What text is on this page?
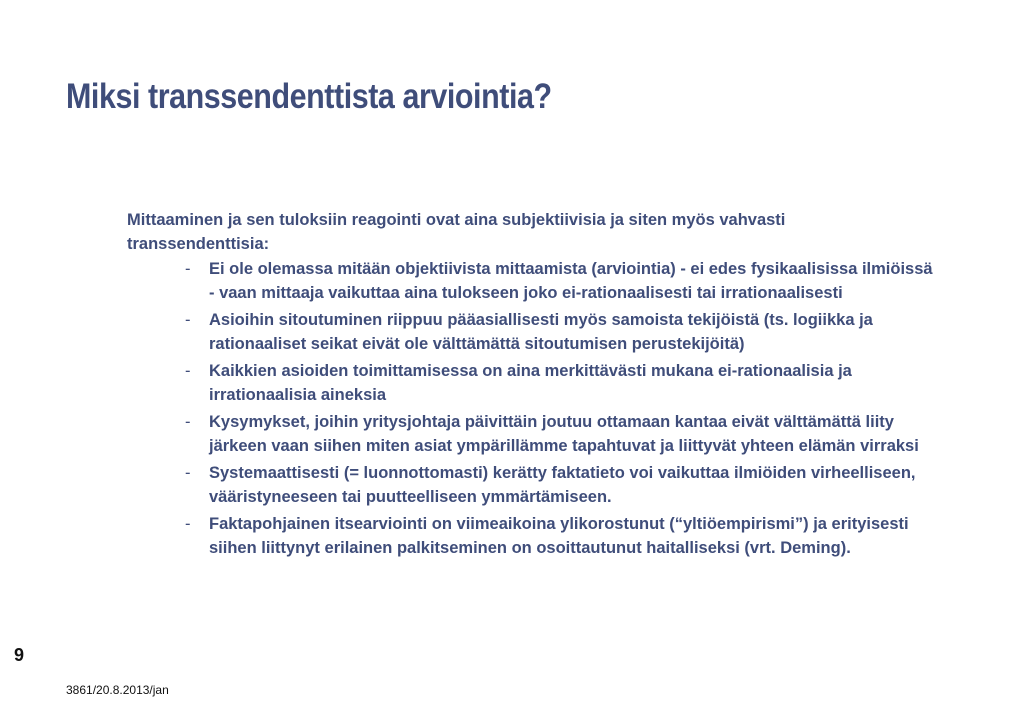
Miksi transsendenttista arviointia?

Mittaaminen ja sen tuloksiin reagointi ovat aina subjektiivisia ja siten myös vahvasti transsendenttisia:

- Ei ole olemassa mitään objektiivista mittaamista (arviointia) - ei edes fysikaalisissa ilmiöissä - vaan mittaaja vaikuttaa aina tulokseen joko ei-rationaalisesti tai irrationaalisesti
- Asioihin sitoutuminen riippuu pääasiallisesti myös samoista tekijöistä (ts. logiikka ja rationaaliset seikat eivät ole välttämättä sitoutumisen perustekijöitä)
- Kaikkien asioiden toimittamisessa on aina merkittävästi mukana ei-rationaalisia ja irrationaalisia aineksia
- Kysymykset, joihin yritysjohtaja päivittäin joutuu ottamaan kantaa eivät välttämättä liity järkeen vaan siihen miten asiat ympärillämme tapahtuvat ja liittyvät yhteen elämän virraksi
- Systemaattisesti (= luonnottomasti) kerätty faktatieto voi vaikuttaa ilmiöiden virheelliseen, vääristyneeseen tai puutteelliseen ymmärtämiseen.
- Faktapohjainen itsearviointi on viimeaikoina ylikorostunut (“yltiöempirismi”) ja erityisesti siihen liittynyt erilainen palkitseminen on osoittautunut haitalliseksi (vrt. Deming).
9
3861/20.8.2013/jan
